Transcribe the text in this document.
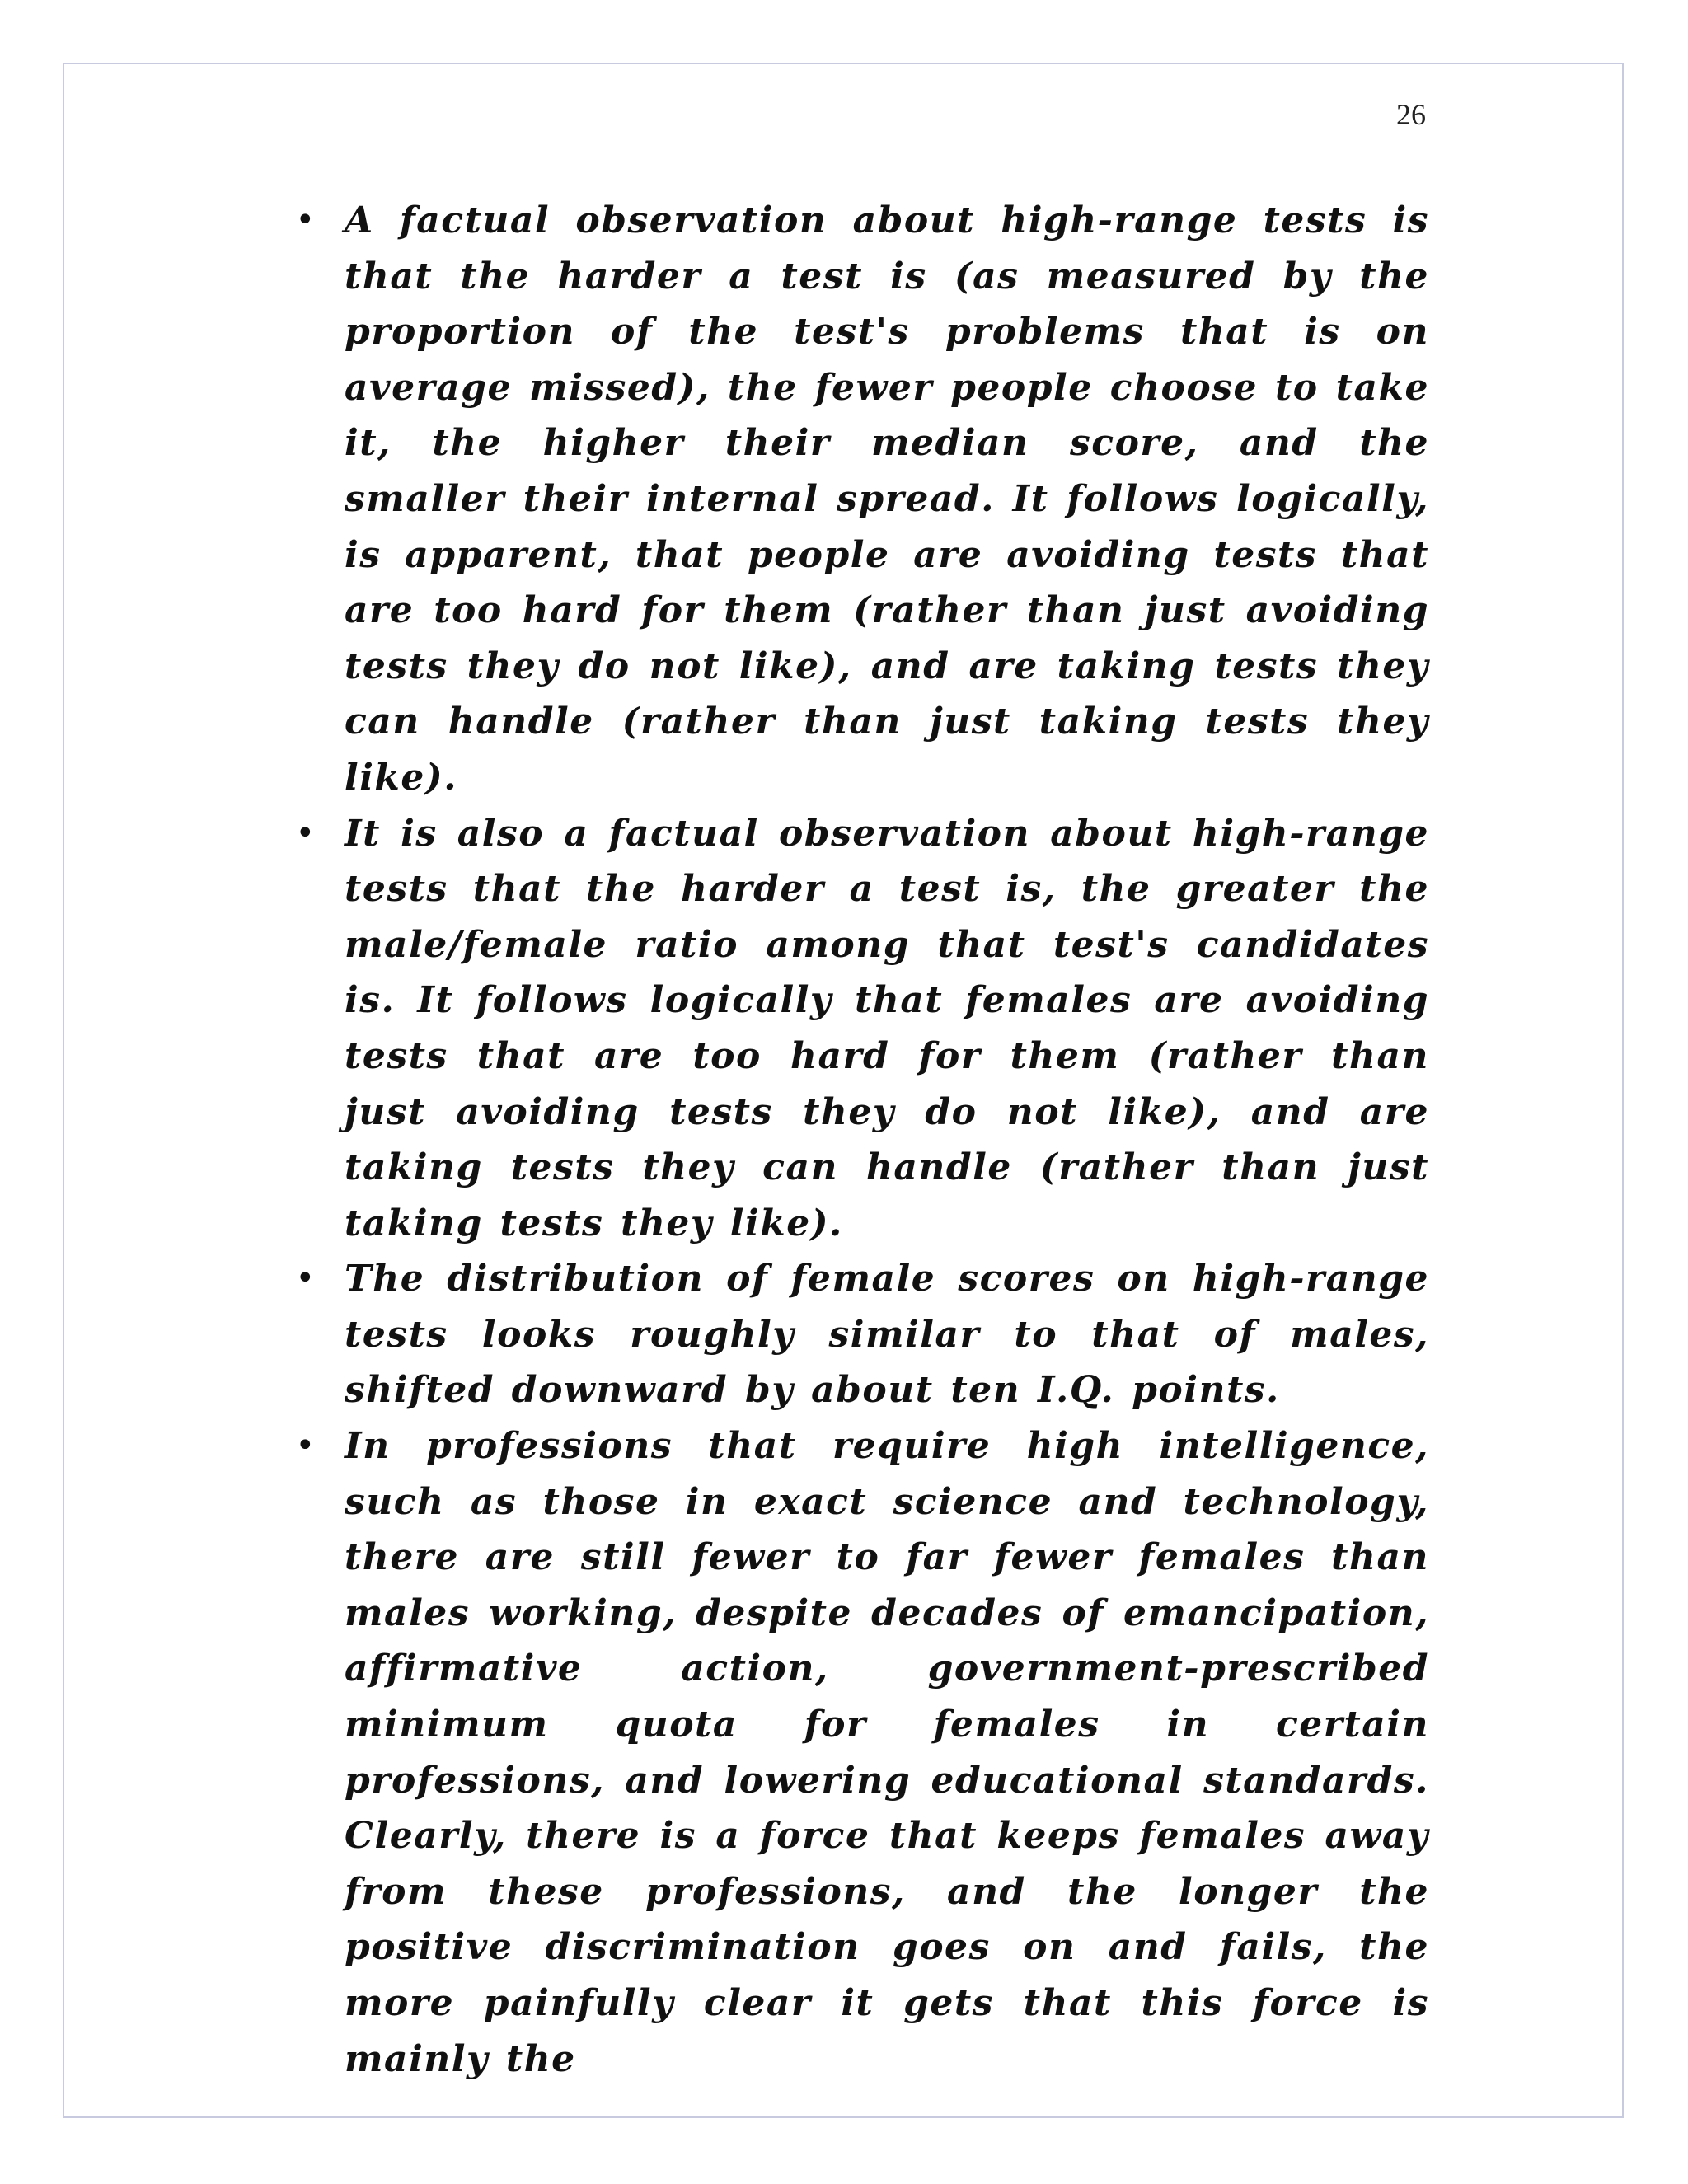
26
• A factual observation about high-range tests is that the harder a test is (as measured by the proportion of the test's problems that is on average missed), the fewer people choose to take it, the higher their median score, and the smaller their internal spread. It follows logically, is apparent, that people are avoiding tests that are too hard for them (rather than just avoiding tests they do not like), and are taking tests they can handle (rather than just taking tests they like).
• It is also a factual observation about high-range tests that the harder a test is, the greater the male/female ratio among that test's candidates is. It follows logically that females are avoiding tests that are too hard for them (rather than just avoiding tests they do not like), and are taking tests they can handle (rather than just taking tests they like).
• The distribution of female scores on high-range tests looks roughly similar to that of males, shifted downward by about ten I.Q. points.
• In professions that require high intelligence, such as those in exact science and technology, there are still fewer to far fewer females than males working, despite decades of emancipation, affirmative action, government-prescribed minimum quota for females in certain professions, and lowering educational standards. Clearly, there is a force that keeps females away from these professions, and the longer the positive discrimination goes on and fails, the more painfully clear it gets that this force is mainly the
